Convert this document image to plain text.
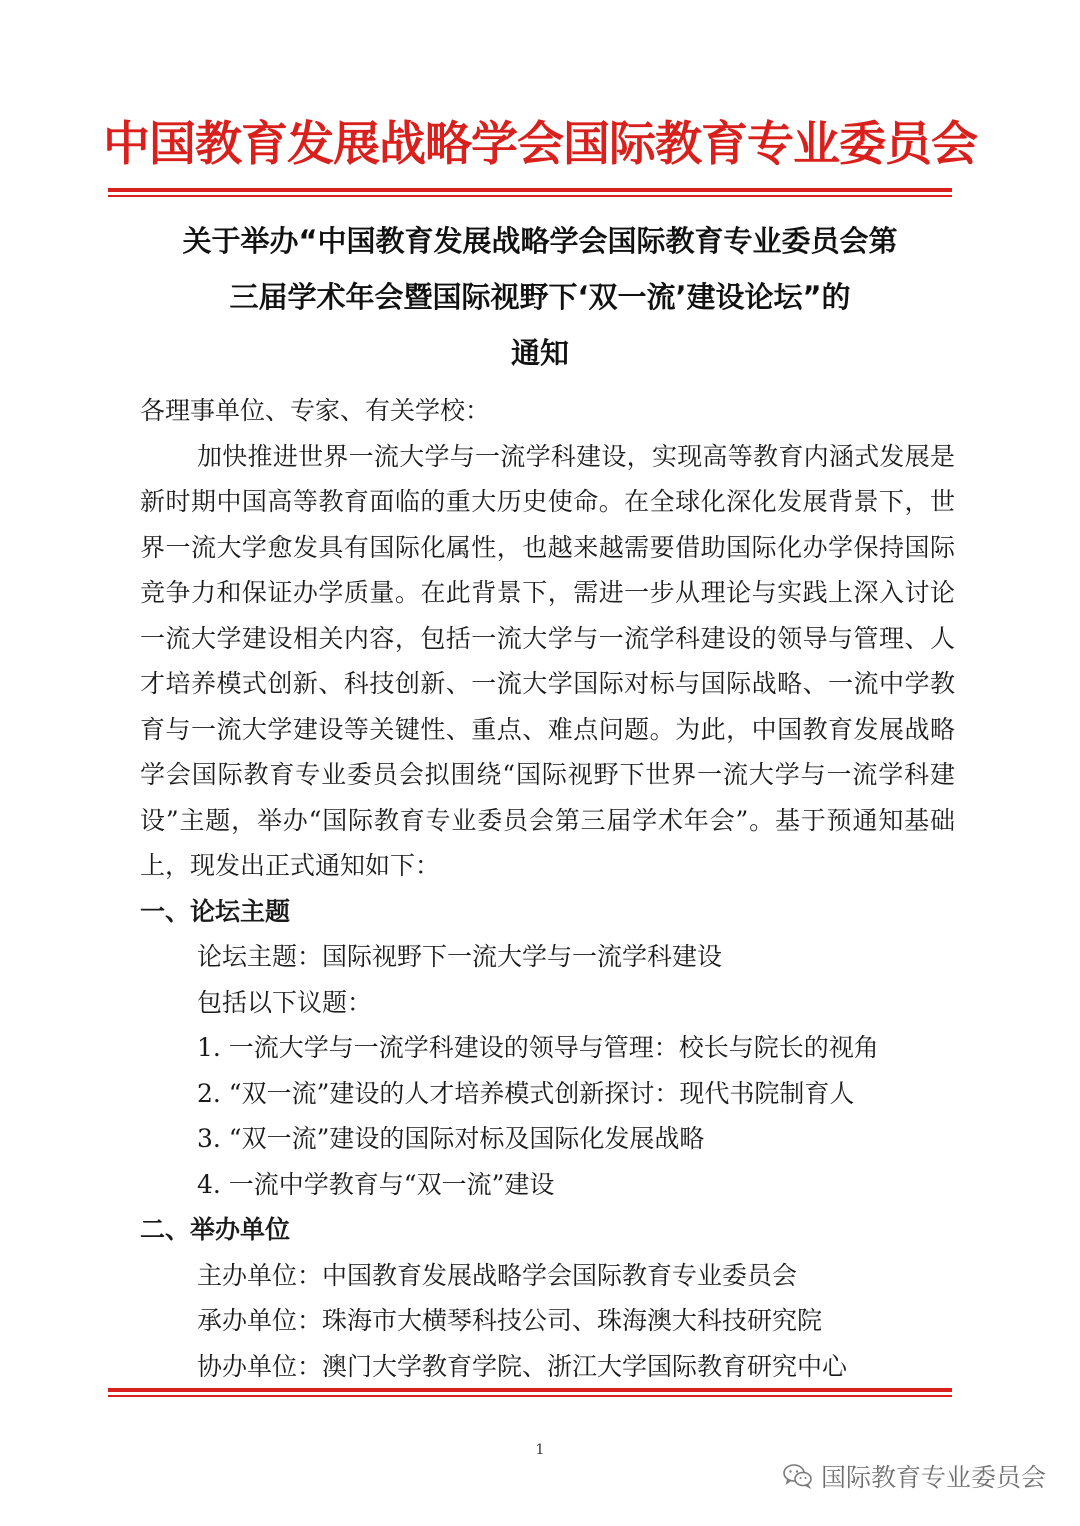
中国教育发展战略学会国际教育专业委员会
关于举办“中国教育发展战略学会国际教育专业委员会第
三届学术年会暨国际视野下‘双一流’建设论坛”的
通知

各理事单位、专家、有关学校：

加快推进世界一流大学与一流学科建设，实现高等教育内涵式发展是新时期中国高等教育面临的重大历史使命。在全球化深化发展背景下，世界一流大学愈发具有国际化属性，也越来越需要借助国际化办学保持国际竞争力和保证办学质量。在此背景下，需进一步从理论与实践上深入讨论一流大学建设相关内容，包括一流大学与一流学科建设的领导与管理、人才培养模式创新、科技创新、一流大学国际对标与国际战略、一流中学教育与一流大学建设等关键性、重点、难点问题。为此，中国教育发展战略学会国际教育专业委员会拟围绕“国际视野下世界一流大学与一流学科建设”主题，举办“国际教育专业委员会第三届学术年会”。基于预通知基础上，现发出正式通知如下：

一、论坛主题

论坛主题：国际视野下一流大学与一流学科建设
包括以下议题：
1. 一流大学与一流学科建设的领导与管理：校长与院长的视角
2. “双一流”建设的人才培养模式创新探讨：现代书院制育人
3. “双一流”建设的国际对标及国际化发展战略
4. 一流中学教育与“双一流”建设

二、举办单位

主办单位：中国教育发展战略学会国际教育专业委员会
承办单位：珠海市大横琴科技公司、珠海澳大科技研究院
协办单位：澳门大学教育学院、浙江大学国际教育研究中心
1
国际教育专业委员会
